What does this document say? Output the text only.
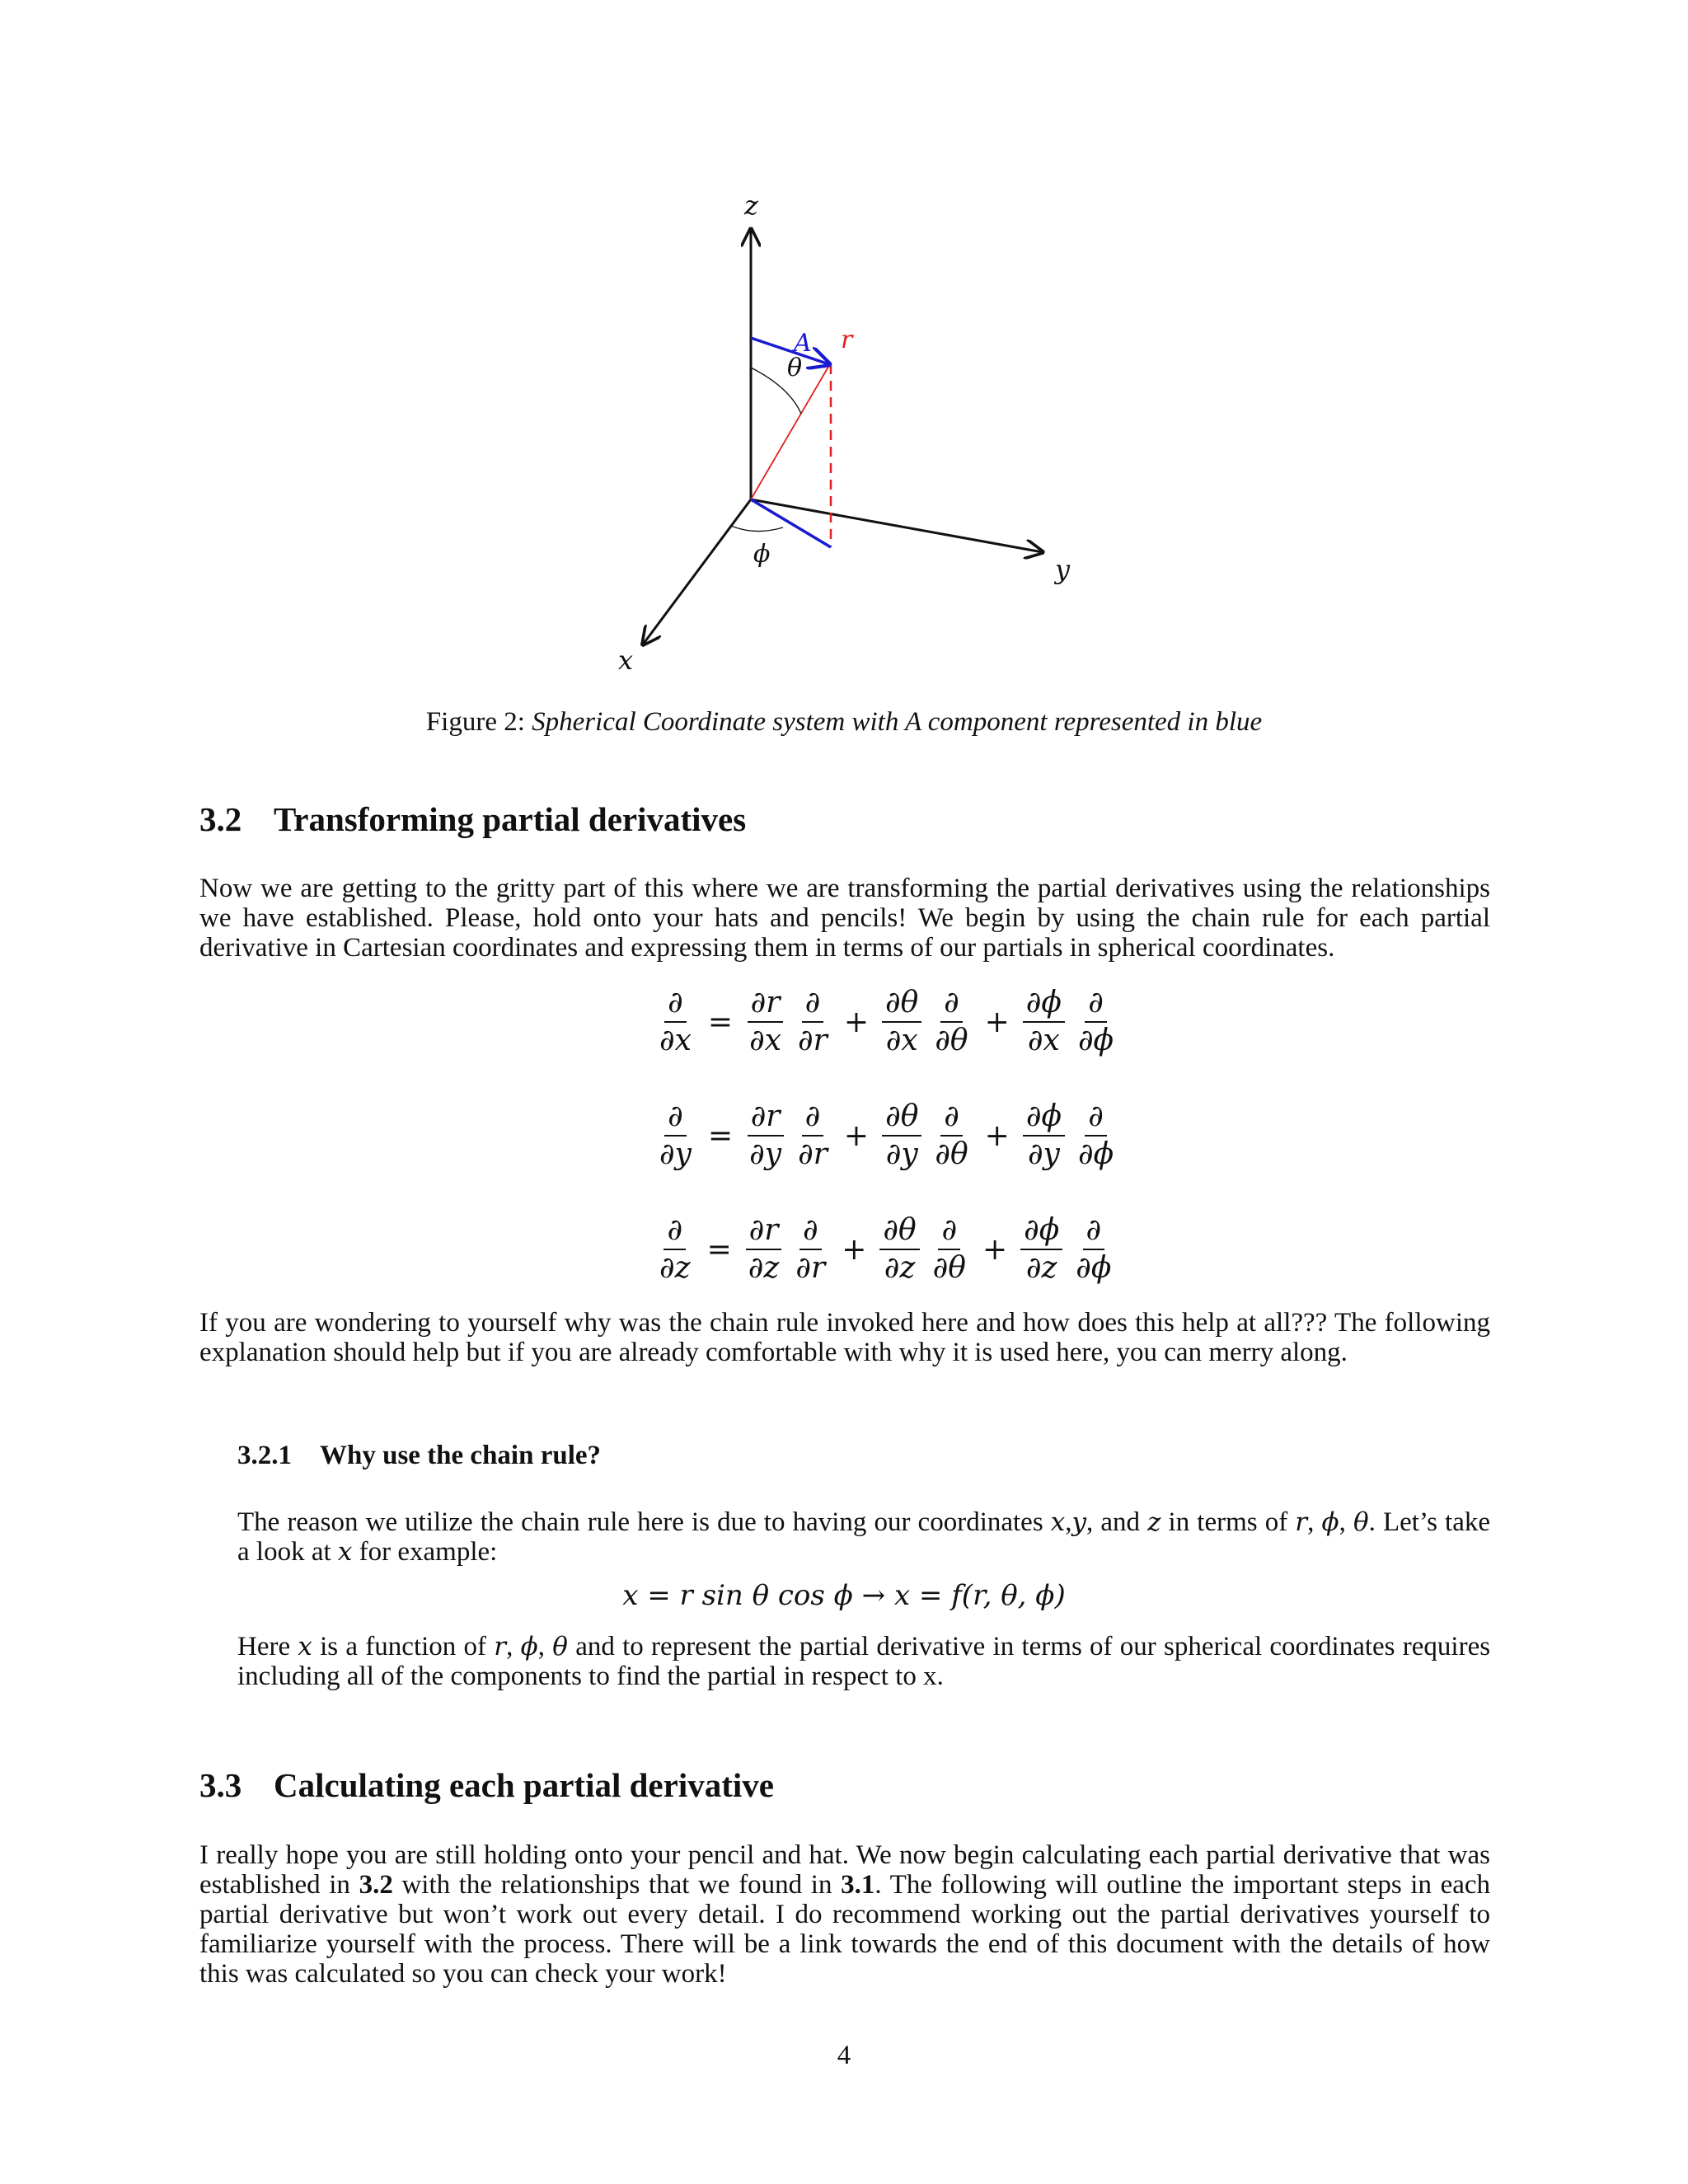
z
y
x
A r
θ
ϕ
Figure 2: Spherical Coordinate system with A component represented in blue
3.2 Transforming partial derivatives

Now we are getting to the gritty part of this where we are transforming the partial derivatives using the relationships we have established. Please, hold onto your hats and pencils! We begin by using the chain rule for each partial derivative in Cartesian coordinates and expressing them in terms of our partials in spherical coordinates.

$\frac{\partial}{\partial x} = \frac{\partial r}{\partial x} \frac{\partial}{\partial r} + \frac{\partial\theta}{\partial x} \frac{\partial}{\partial\theta} + \frac{\partial\phi}{\partial x} \frac{\partial}{\partial\phi}$
$\frac{\partial}{\partial y} = \frac{\partial r}{\partial y} \frac{\partial}{\partial r} + \frac{\partial\theta}{\partial y} \frac{\partial}{\partial\theta} + \frac{\partial\phi}{\partial y} \frac{\partial}{\partial\phi}$
$\frac{\partial}{\partial z} = \frac{\partial r}{\partial z} \frac{\partial}{\partial r} + \frac{\partial\theta}{\partial z} \frac{\partial}{\partial\theta} + \frac{\partial\phi}{\partial z} \frac{\partial}{\partial\phi}$

If you are wondering to yourself why was the chain rule invoked here and how does this help at all??? The following explanation should help but if you are already comfortable with why it is used here, you can merry along.

3.2.1 Why use the chain rule?

The reason we utilize the chain rule here is due to having our coordinates x,y, and z in terms of r, ϕ, θ. Let’s take a look at x for example:

x = r sin θ cos ϕ → x = f(r, θ, ϕ)

Here x is a function of r, ϕ, θ and to represent the partial derivative in terms of our spherical coordinates requires including all of the components to find the partial in respect to x.

3.3 Calculating each partial derivative

I really hope you are still holding onto your pencil and hat. We now begin calculating each partial derivative that was established in 3.2 with the relationships that we found in 3.1. The following will outline the important steps in each partial derivative but won’t work out every detail. I do recommend working out the partial derivatives yourself to familiarize yourself with the process. There will be a link towards the end of this document with the details of how this was calculated so you can check your work!

4
